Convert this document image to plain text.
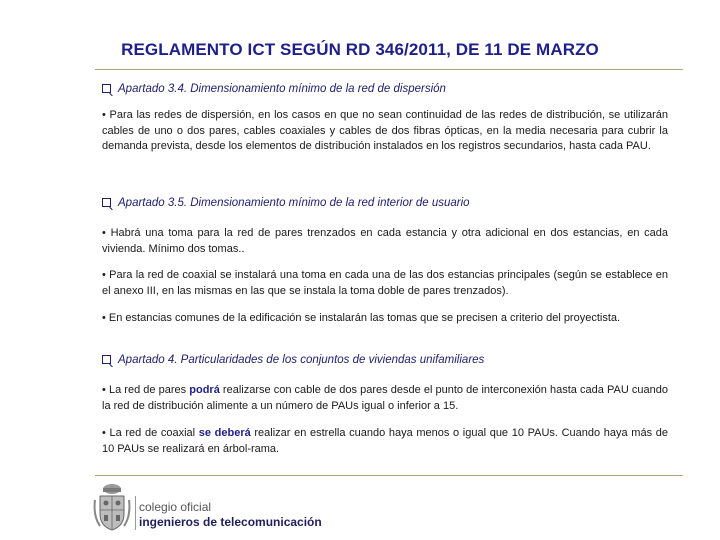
REGLAMENTO ICT SEGÚN RD 346/2011, DE 11 DE MARZO
Apartado 3.4. Dimensionamiento mínimo de la red de dispersión
• Para las redes de dispersión, en los casos en que no sean continuidad de las redes de distribución, se utilizarán cables de uno o dos pares, cables coaxiales y cables de dos fibras ópticas, en la media necesaria para cubrir la demanda prevista, desde los elementos de distribución instalados en los registros secundarios, hasta cada PAU.
Apartado 3.5. Dimensionamiento mínimo de la red interior de usuario
• Habrá una toma para la red de pares trenzados en cada estancia y otra adicional en dos estancias, en cada vivienda. Mínimo dos tomas..
• Para la red de coaxial se instalará una toma en cada una de las dos estancias principales (según se establece en el anexo III, en las mismas en las que se instala la toma doble de pares trenzados).
• En estancias comunes de la edificación se instalarán las tomas que se precisen a criterio del proyectista.
Apartado 4. Particularidades de los conjuntos de viviendas unifamiliares
• La red de pares podrá realizarse con cable de dos pares desde el punto de interconexión hasta cada PAU cuando la red de distribución alimente a un número de PAUs igual o inferior a 15.
• La red de coaxial se deberá realizar en estrella cuando haya menos o igual que 10 PAUs. Cuando haya más de 10 PAUs se realizará en árbol-rama.
colegio oficial
ingenieros de telecomunicación
